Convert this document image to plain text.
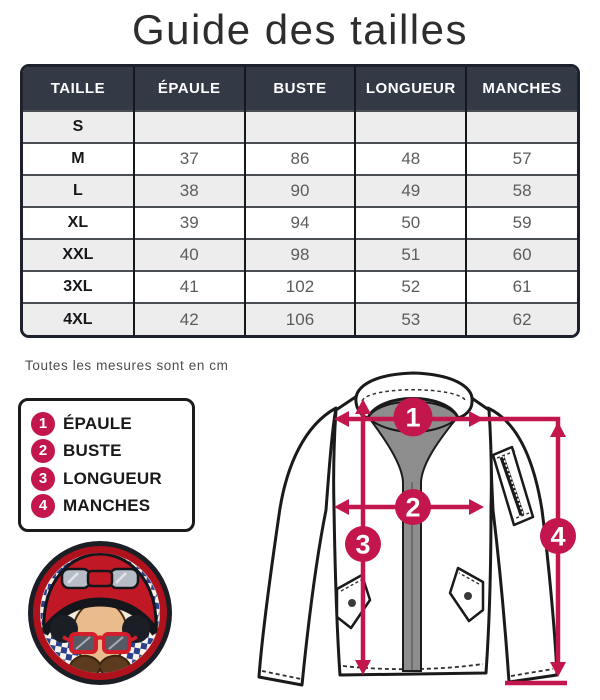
Guide des tailles
TAILLE	ÉPAULE	BUSTE	LONGUEUR	MANCHES
S				
M	37	86	48	57
L	38	90	49	58
XL	39	94	50	59
XXL	40	98	51	60
3XL	41	102	52	61
4XL	42	106	53	62

Toutes les mesures sont en cm

1 ÉPAULE
2 BUSTE
3 LONGUEUR
4 MANCHES
1
2
3	4
